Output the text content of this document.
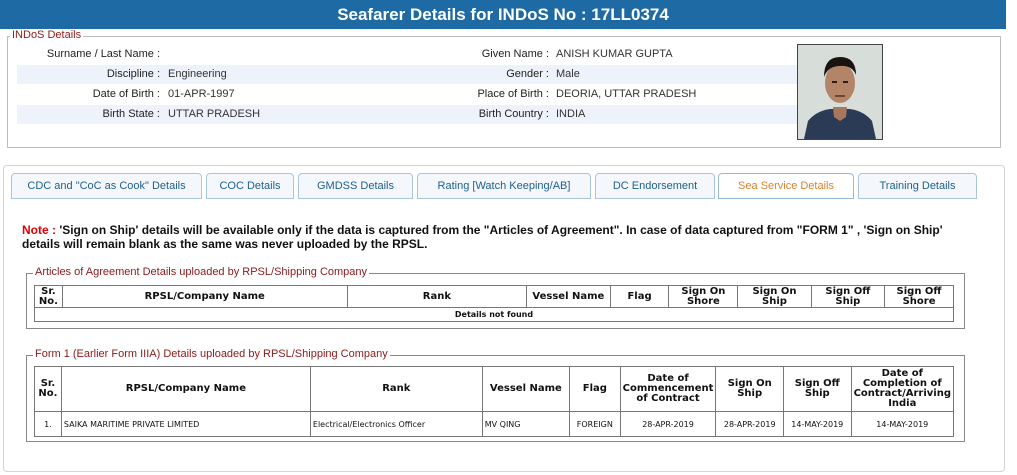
Seafarer Details for INDoS No : 17LL0374
INDoS Details
Surname / Last Name :	Given Name : ANISH KUMAR GUPTA
Discipline : Engineering	Gender : Male
Date of Birth : 01-APR-1997	Place of Birth : DEORIA, UTTAR PRADESH
Birth State : UTTAR PRADESH	Birth Country : INDIA
CDC and "CoC as Cook" Details	COC Details	GMDSS Details	Rating [Watch Keeping/AB]	DC Endorsement	Sea Service Details	Training Details
Note : 'Sign on Ship' details will be available only if the data is captured from the "Articles of Agreement". In case of data captured from "FORM 1" , 'Sign on Ship' details will remain blank as the same was never uploaded by the RPSL.
Articles of Agreement Details uploaded by RPSL/Shipping Company
Sr. No.	RPSL/Company Name	Rank	Vessel Name	Flag	Sign On Shore	Sign On Ship	Sign Off Ship	Sign Off Shore
Details not found
Form 1 (Earlier Form IIIA) Details uploaded by RPSL/Shipping Company
Sr. No.	RPSL/Company Name	Rank	Vessel Name	Flag	Date of Commencement of Contract	Sign On Ship	Sign Off Ship	Date of Completion of Contract/Arriving India
1.	SAIKA MARITIME PRIVATE LIMITED	Electrical/Electronics Officer	MV QING	FOREIGN	28-APR-2019	28-APR-2019	14-MAY-2019	14-MAY-2019
